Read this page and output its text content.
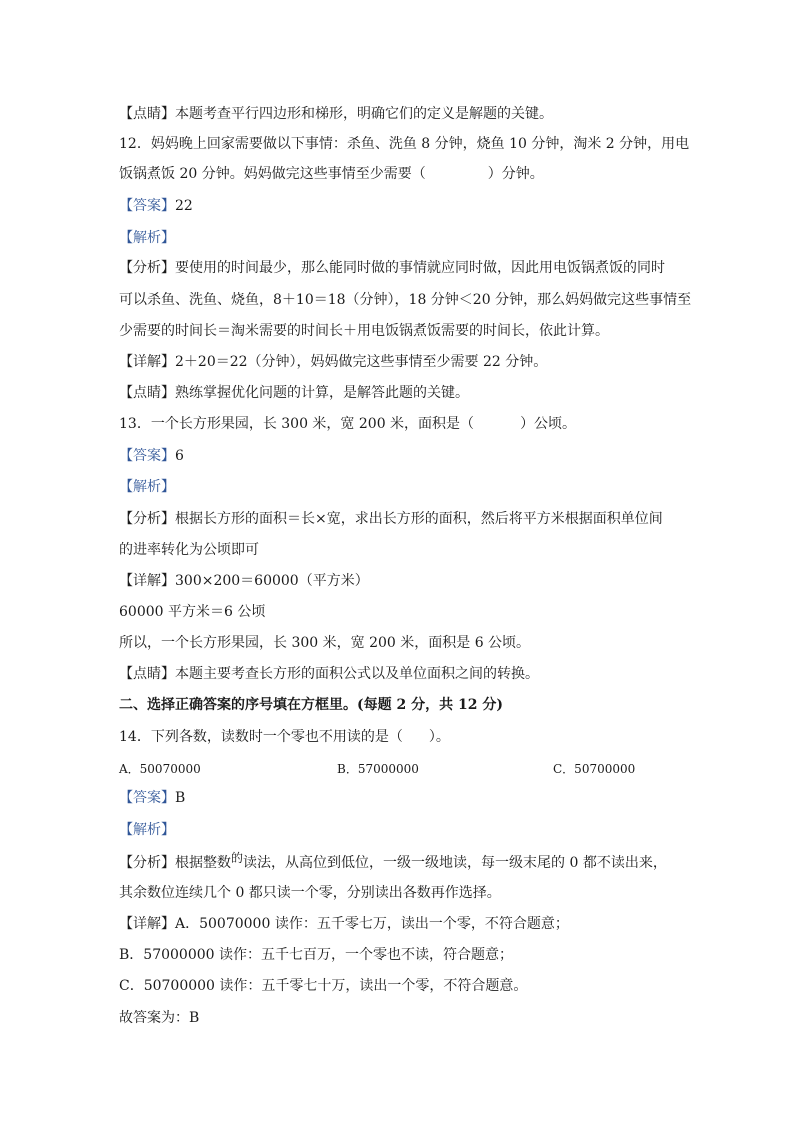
【点睛】本题考查平行四边形和梯形，明确它们的定义是解题的关键。
12．妈妈晚上回家需要做以下事情：杀鱼、洗鱼 8 分钟，烧鱼 10 分钟，淘米 2 分钟，用电
饭锅煮饭 20 分钟。妈妈做完这些事情至少需要（	）分钟。
【答案】22
【解析】
【分析】要使用的时间最少，那么能同时做的事情就应同时做，因此用电饭锅煮饭的同时
可以杀鱼、洗鱼、烧鱼，8＋10＝18（分钟），18 分钟＜20 分钟，那么妈妈做完这些事情至
少需要的时间长＝淘米需要的时间长＋用电饭锅煮饭需要的时间长，依此计算。
【详解】2＋20＝22（分钟），妈妈做完这些事情至少需要 22 分钟。
【点睛】熟练掌握优化问题的计算，是解答此题的关键。
13．一个长方形果园，长 300 米，宽 200 米，面积是（	）公顷。
【答案】6
【解析】
【分析】根据长方形的面积＝长×宽，求出长方形的面积，然后将平方米根据面积单位间
的进率转化为公顷即可
【详解】300×200＝60000（平方米）
60000 平方米＝6 公顷
所以，一个长方形果园，长 300 米，宽 200 米，面积是 6 公顷。
【点睛】本题主要考查长方形的面积公式以及单位面积之间的转换。
二、选择正确答案的序号填在方框里。(每题 2 分，共 12 分)
14．下列各数，读数时一个零也不用读的是（ ）。
A．50070000	B．57000000	C．50700000
【答案】B
【解析】
【分析】根据整数的读法，从高位到低位，一级一级地读，每一级末尾的 0 都不读出来，
其余数位连续几个 0 都只读一个零，分别读出各数再作选择。
【详解】A．50070000 读作：五千零七万，读出一个零，不符合题意；
B．57000000 读作：五千七百万，一个零也不读，符合题意；
C．50700000 读作：五千零七十万，读出一个零，不符合题意。
故答案为：B
